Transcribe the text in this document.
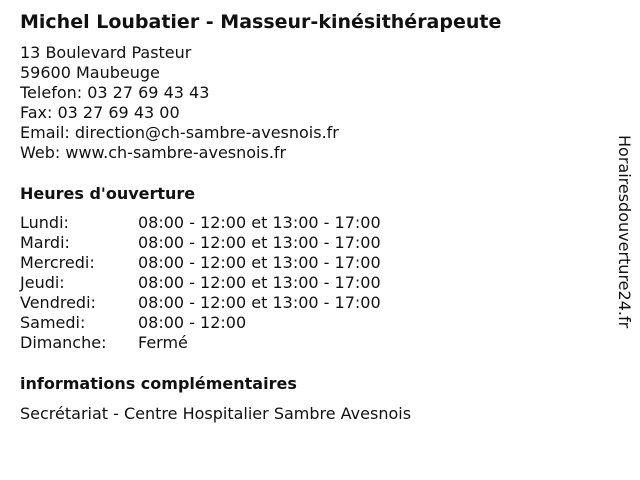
Michel Loubatier - Masseur-kinésithérapeute
13 Boulevard Pasteur
59600 Maubeuge
Telefon: 03 27 69 43 43
Fax: 03 27 69 43 00
Email: direction@ch-sambre-avesnois.fr
Web: www.ch-sambre-avesnois.fr
Heures d'ouverture
Lundi:	08:00 - 12:00 et 13:00 - 17:00
Mardi:	08:00 - 12:00 et 13:00 - 17:00
Mercredi:	08:00 - 12:00 et 13:00 - 17:00
Jeudi:	08:00 - 12:00 et 13:00 - 17:00
Vendredi:	08:00 - 12:00 et 13:00 - 17:00
Samedi:	08:00 - 12:00
Dimanche:	Fermé
informations complémentaires
Secrétariat - Centre Hospitalier Sambre Avesnois
Horairesdouverture24.fr
